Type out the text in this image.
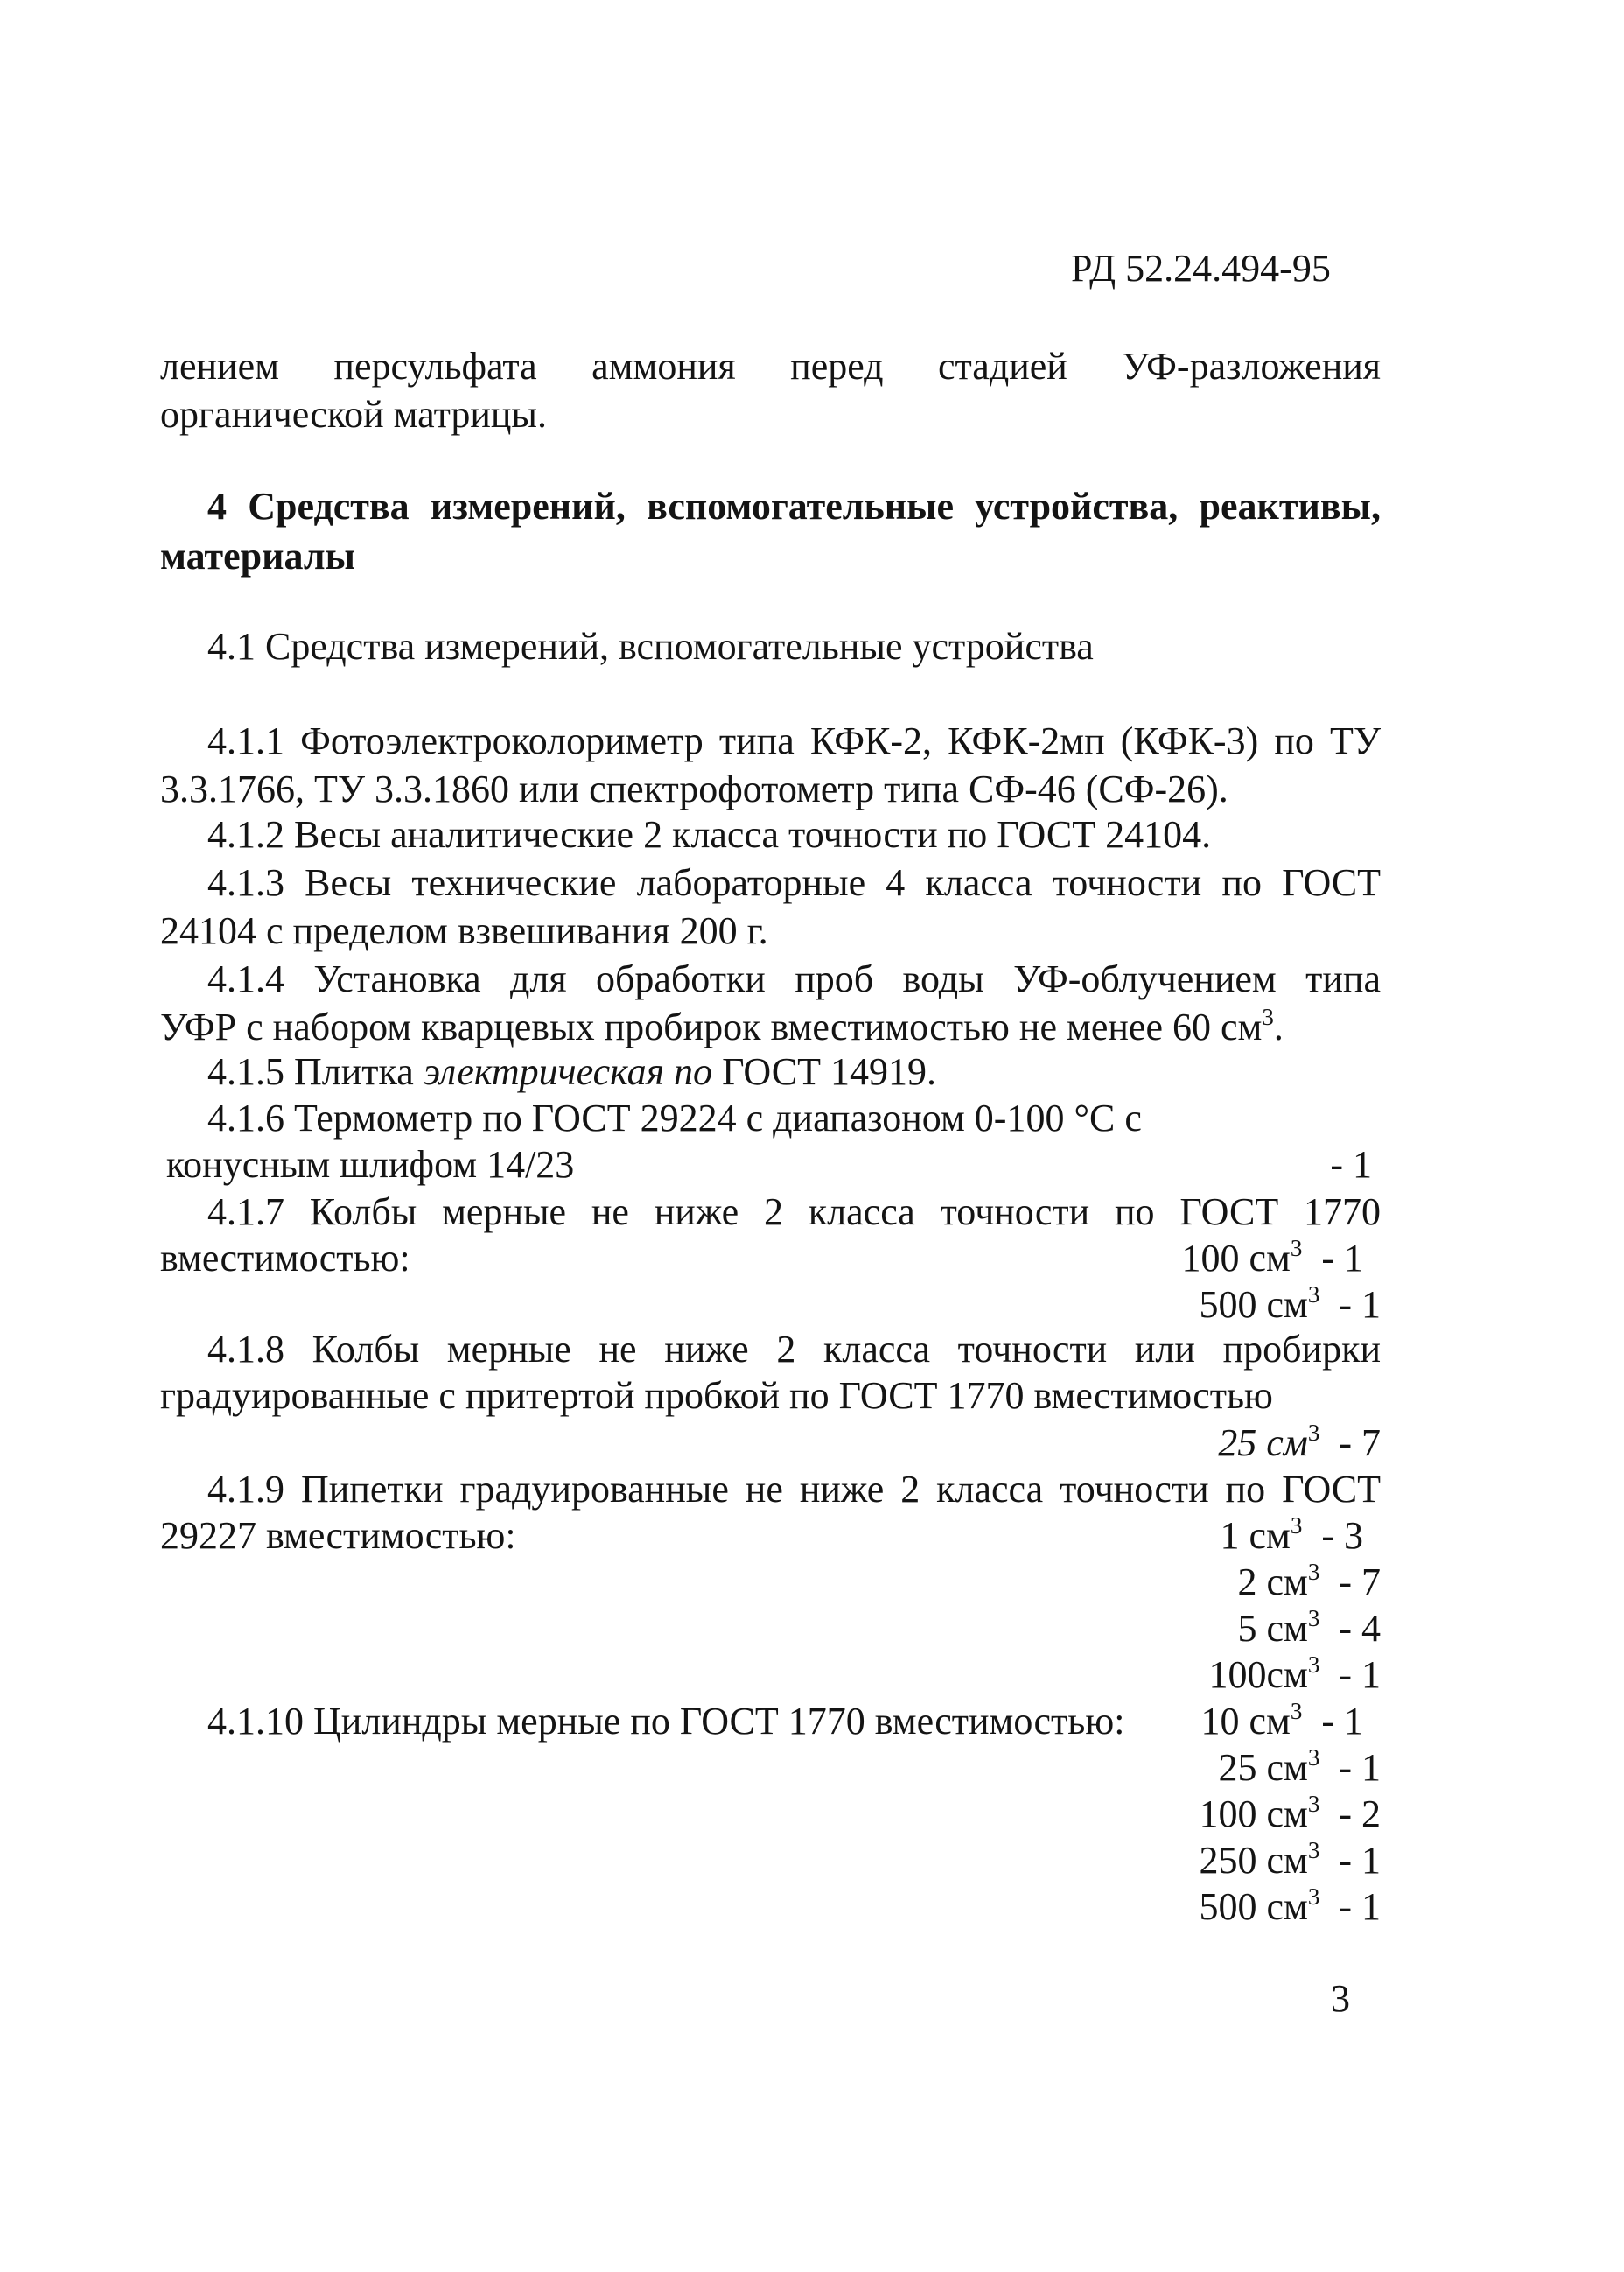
РД 52.24.494-95
лением персульфата аммония перед стадией УФ-разложения
органической матрицы.
4 Средства измерений, вспомогательные устройства, реактивы,
материалы
4.1 Средства измерений, вспомогательные устройства
4.1.1 Фотоэлектроколориметр типа КФК-2, КФК-2мп (КФК-3) по ТУ
3.3.1766, ТУ 3.3.1860 или спектрофотометр типа СФ-46 (СФ-26).
4.1.2 Весы аналитические 2 класса точности по ГОСТ 24104.
4.1.3 Весы технические лабораторные 4 класса точности по ГОСТ
24104 с пределом взвешивания 200 г.
4.1.4 Установка для обработки проб воды УФ-облучением типа
УФР с набором кварцевых пробирок вместимостью не менее 60 $см^3$.
4.1.5 Плитка электрическая по ГОСТ 14919.
4.1.6 Термометр по ГОСТ 29224 с диапазоном 0-100 °С с
конусным шлифом 14/23	- 1
4.1.7 Колбы мерные не ниже 2 класса точности по ГОСТ 1770
вместимостью:	100 $см^3 - 1$
500 $см^3 - 1$
4.1.8 Колбы мерные не ниже 2 класса точности или пробирки
градуированные с притертой пробкой по ГОСТ 1770 вместимостью
25 $см^3 - 7$
4.1.9 Пипетки градуированные не ниже 2 класса точности по ГОСТ
29227 вместимостью:	1 $см^3 - 3$
2 $см^3 - 7$
5 $см^3 - 4$
$100см^3 - 1$
4.1.10 Цилиндры мерные по ГОСТ 1770 вместимостью: 10 $см^3 - 1$
25 $см^3 - 1$
100 $см^3 - 2$
250 $см^3 - 1$
500 $см^3 - 1$
3
